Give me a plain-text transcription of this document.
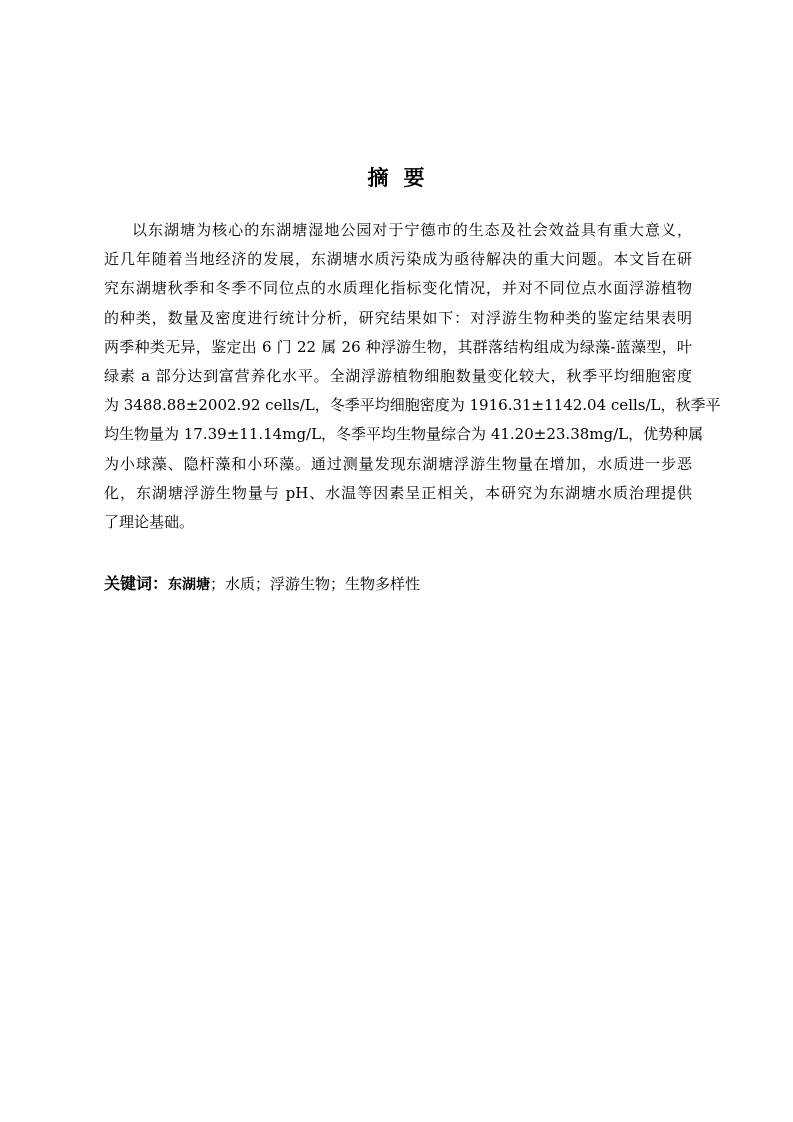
摘 要
以东湖塘为核心的东湖塘湿地公园对于宁德市的生态及社会效益具有重大意义，
近几年随着当地经济的发展，东湖塘水质污染成为亟待解决的重大问题。本文旨在研
究东湖塘秋季和冬季不同位点的水质理化指标变化情况，并对不同位点水面浮游植物
的种类，数量及密度进行统计分析，研究结果如下：对浮游生物种类的鉴定结果表明
两季种类无异，鉴定出 6 门 22 属 26 种浮游生物，其群落结构组成为绿藻-蓝藻型，叶
绿素 a 部分达到富营养化水平。全湖浮游植物细胞数量变化较大，秋季平均细胞密度
为 3488.88±2002.92 cells/L，冬季平均细胞密度为 1916.31±1142.04 cells/L，秋季平
均生物量为 17.39±11.14mg/L，冬季平均生物量综合为 41.20±23.38mg/L，优势种属
为小球藻、隐杆藻和小环藻。通过测量发现东湖塘浮游生物量在增加，水质进一步恶
化，东湖塘浮游生物量与 pH、水温等因素呈正相关，本研究为东湖塘水质治理提供
了理论基础。
关键词：东湖塘；水质；浮游生物；生物多样性
